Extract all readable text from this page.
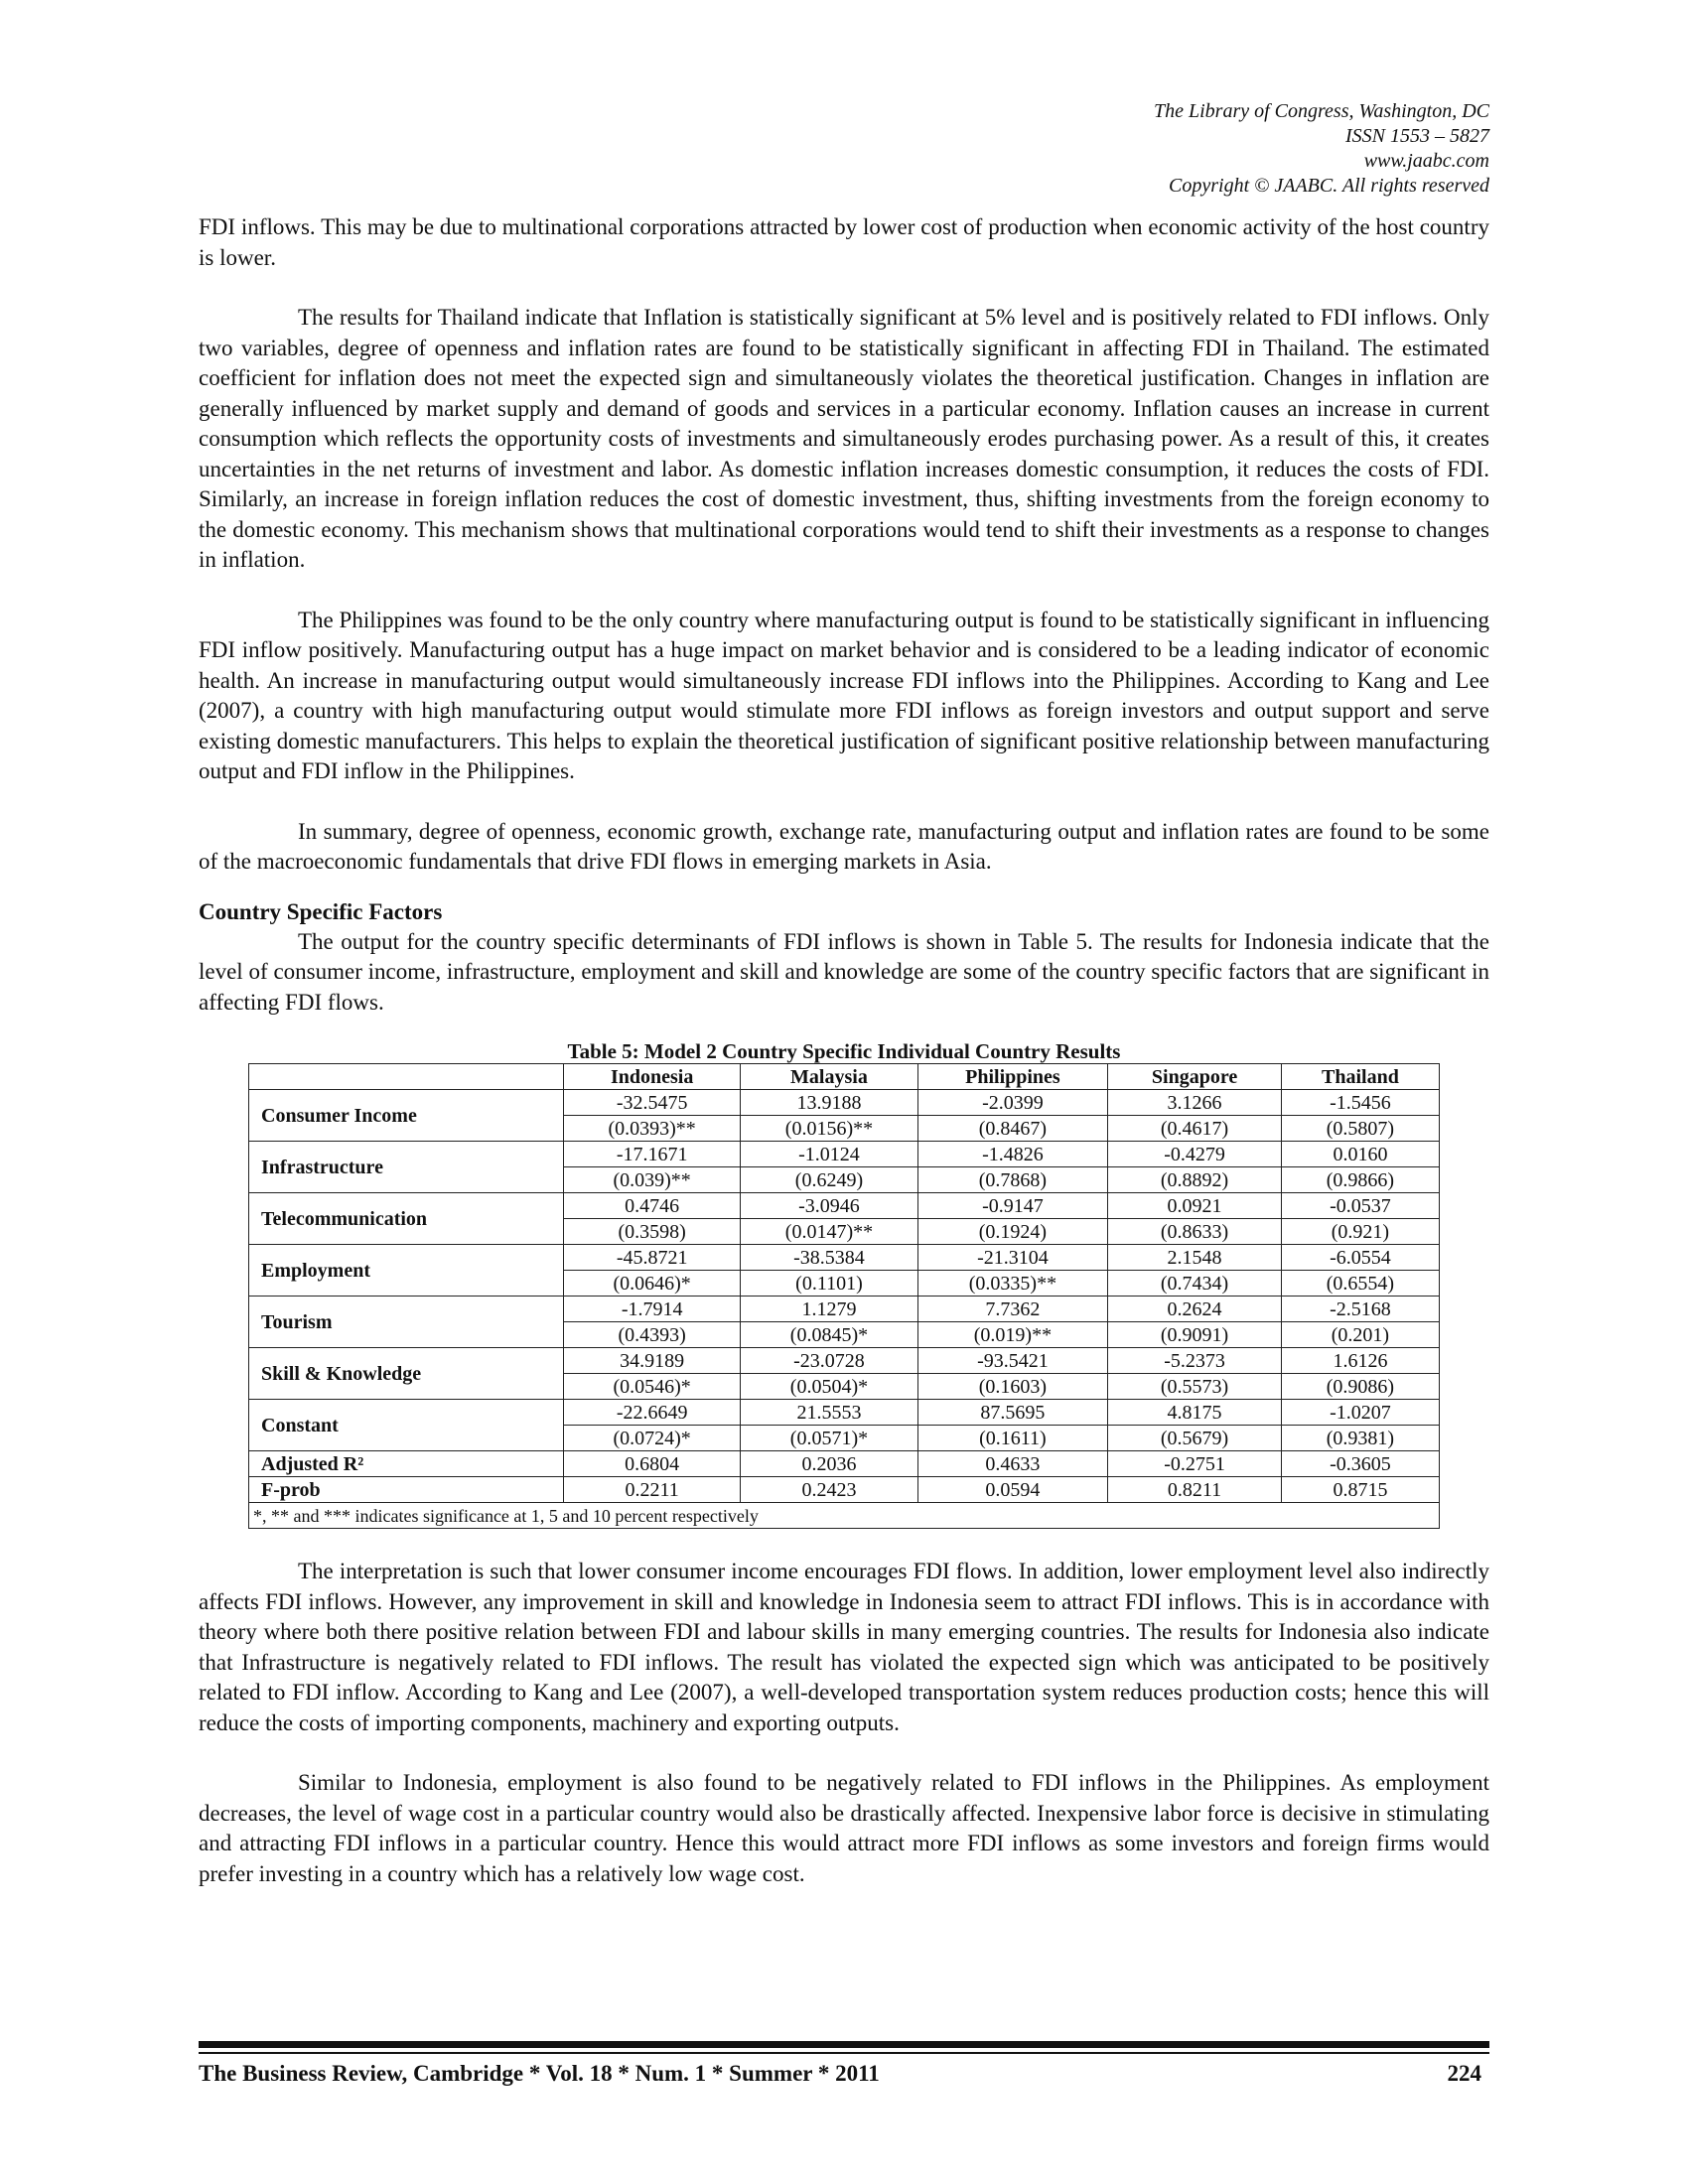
The Library of Congress, Washington, DC
ISSN 1553 – 5827
www.jaabc.com
Copyright © JAABC. All rights reserved

FDI inflows. This may be due to multinational corporations attracted by lower cost of production when economic activity of the host country is lower.

The results for Thailand indicate that Inflation is statistically significant at 5% level and is positively related to FDI inflows. Only two variables, degree of openness and inflation rates are found to be statistically significant in affecting FDI in Thailand. The estimated coefficient for inflation does not meet the expected sign and simultaneously violates the theoretical justification. Changes in inflation are generally influenced by market supply and demand of goods and services in a particular economy. Inflation causes an increase in current consumption which reflects the opportunity costs of investments and simultaneously erodes purchasing power. As a result of this, it creates uncertainties in the net returns of investment and labor. As domestic inflation increases domestic consumption, it reduces the costs of FDI. Similarly, an increase in foreign inflation reduces the cost of domestic investment, thus, shifting investments from the foreign economy to the domestic economy. This mechanism shows that multinational corporations would tend to shift their investments as a response to changes in inflation.

The Philippines was found to be the only country where manufacturing output is found to be statistically significant in influencing FDI inflow positively. Manufacturing output has a huge impact on market behavior and is considered to be a leading indicator of economic health. An increase in manufacturing output would simultaneously increase FDI inflows into the Philippines. According to Kang and Lee (2007), a country with high manufacturing output would stimulate more FDI inflows as foreign investors and output support and serve existing domestic manufacturers. This helps to explain the theoretical justification of significant positive relationship between manufacturing output and FDI inflow in the Philippines.

In summary, degree of openness, economic growth, exchange rate, manufacturing output and inflation rates are found to be some of the macroeconomic fundamentals that drive FDI flows in emerging markets in Asia.

Country Specific Factors

The output for the country specific determinants of FDI inflows is shown in Table 5. The results for Indonesia indicate that the level of consumer income, infrastructure, employment and skill and knowledge are some of the country specific factors that are significant in affecting FDI flows.

Table 5: Model 2 Country Specific Individual Country Results
	Indonesia	Malaysia	Philippines	Singapore	Thailand
Consumer Income	-32.5475	13.9188	-2.0399	3.1266	-1.5456
	(0.0393)**	(0.0156)**	(0.8467)	(0.4617)	(0.5807)
Infrastructure	-17.1671	-1.0124	-1.4826	-0.4279	0.0160
	(0.039)**	(0.6249)	(0.7868)	(0.8892)	(0.9866)
Telecommunication	0.4746	-3.0946	-0.9147	0.0921	-0.0537
	(0.3598)	(0.0147)**	(0.1924)	(0.8633)	(0.921)
Employment	-45.8721	-38.5384	-21.3104	2.1548	-6.0554
	(0.0646)*	(0.1101)	(0.0335)**	(0.7434)	(0.6554)
Tourism	-1.7914	1.1279	7.7362	0.2624	-2.5168
	(0.4393)	(0.0845)*	(0.019)**	(0.9091)	(0.201)
Skill & Knowledge	34.9189	-23.0728	-93.5421	-5.2373	1.6126
	(0.0546)*	(0.0504)*	(0.1603)	(0.5573)	(0.9086)
Constant	-22.6649	21.5553	87.5695	4.8175	-1.0207
	(0.0724)*	(0.0571)*	(0.1611)	(0.5679)	(0.9381)
Adjusted R²	0.6804	0.2036	0.4633	-0.2751	-0.3605
F-prob	0.2211	0.2423	0.0594	0.8211	0.8715
*, ** and *** indicates significance at 1, 5 and 10 percent respectively					

The interpretation is such that lower consumer income encourages FDI flows. In addition, lower employment level also indirectly affects FDI inflows. However, any improvement in skill and knowledge in Indonesia seem to attract FDI inflows. This is in accordance with theory where both there positive relation between FDI and labour skills in many emerging countries. The results for Indonesia also indicate that Infrastructure is negatively related to FDI inflows. The result has violated the expected sign which was anticipated to be positively related to FDI inflow. According to Kang and Lee (2007), a well-developed transportation system reduces production costs; hence this will reduce the costs of importing components, machinery and exporting outputs.

Similar to Indonesia, employment is also found to be negatively related to FDI inflows in the Philippines. As employment decreases, the level of wage cost in a particular country would also be drastically affected. Inexpensive labor force is decisive in stimulating and attracting FDI inflows in a particular country. Hence this would attract more FDI inflows as some investors and foreign firms would prefer investing in a country which has a relatively low wage cost.

The Business Review, Cambridge * Vol. 18 * Num. 1 * Summer * 2011	224
